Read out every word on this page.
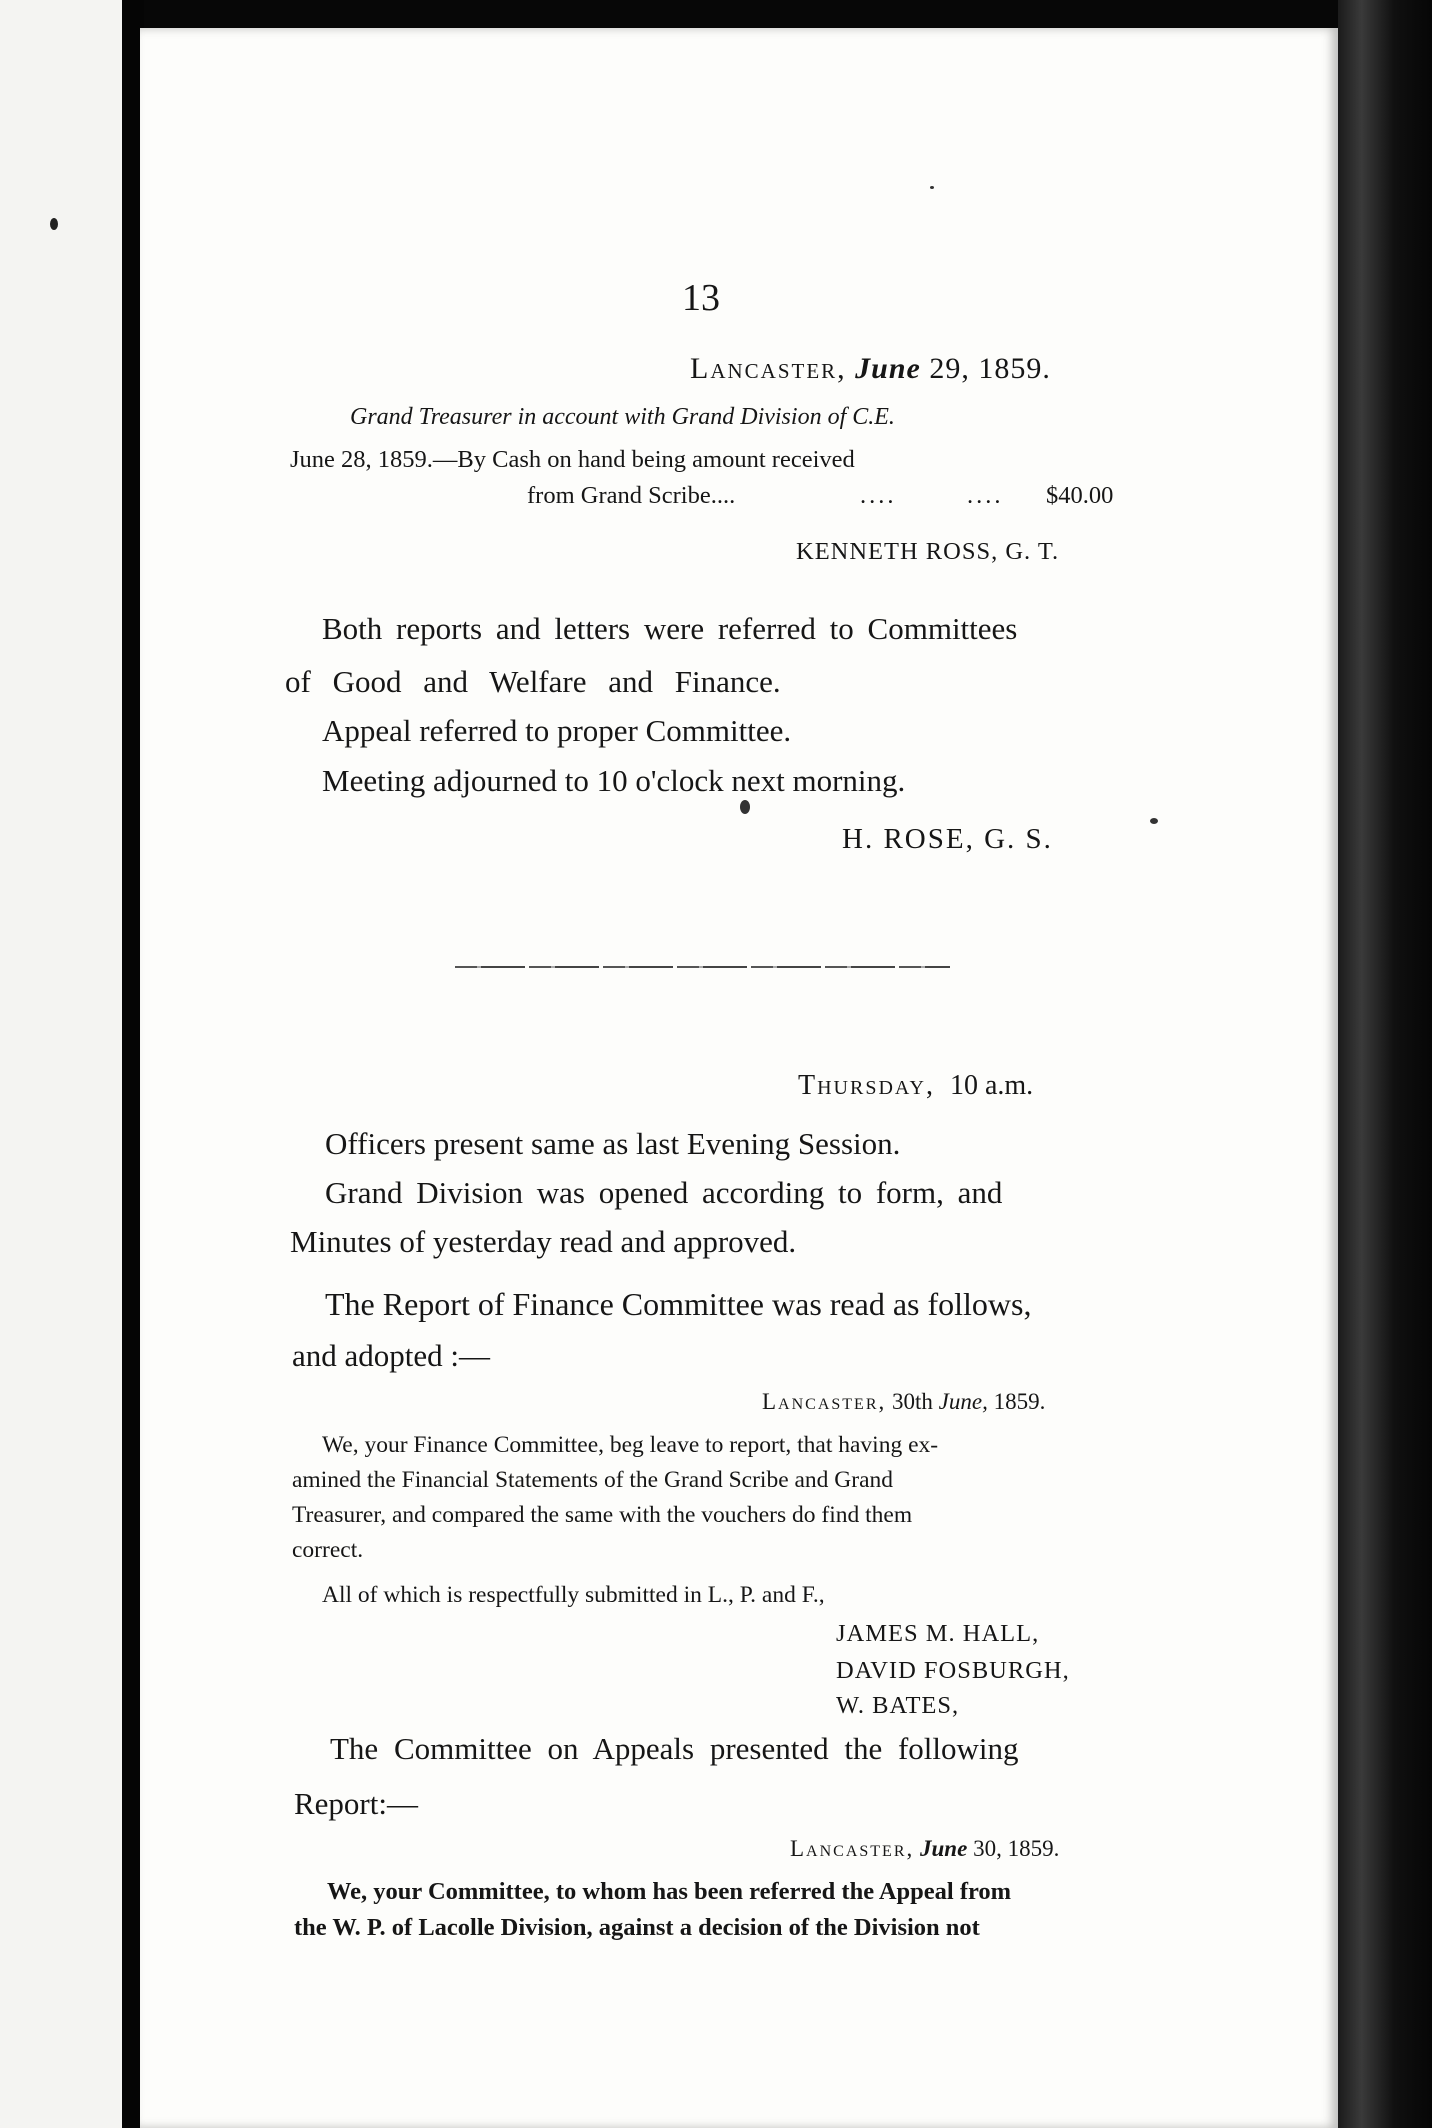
13

Lancaster, June 29, 1859.

Grand Treasurer in account with Grand Division of C.E.

June 28, 1859.—By Cash on hand being amount received

from Grand Scribe....	....	.... $40.00

KENNETH ROSS, G. T.

Both reports and letters were referred to Committees

of Good and Welfare and Finance.

Appeal referred to proper Committee.

Meeting adjourned to 10 o'clock next morning.

H. ROSE, G. S.

Thursday, 10 a.m.

Officers present same as last Evening Session.

Grand Division was opened according to form, and

Minutes of yesterday read and approved.

The Report of Finance Committee was read as follows,

and adopted :—

Lancaster, 30th June, 1859.

We, your Finance Committee, beg leave to report, that having ex-

amined the Financial Statements of the Grand Scribe and Grand

Treasurer, and compared the same with the vouchers do find them

correct.

All of which is respectfully submitted in L., P. and F.,

JAMES M. HALL,

DAVID FOSBURGH,

W. BATES,

The Committee on Appeals presented the following

Report:—

Lancaster, June 30, 1859.

We, your Committee, to whom has been referred the Appeal from

the W. P. of Lacolle Division, against a decision of the Division not
